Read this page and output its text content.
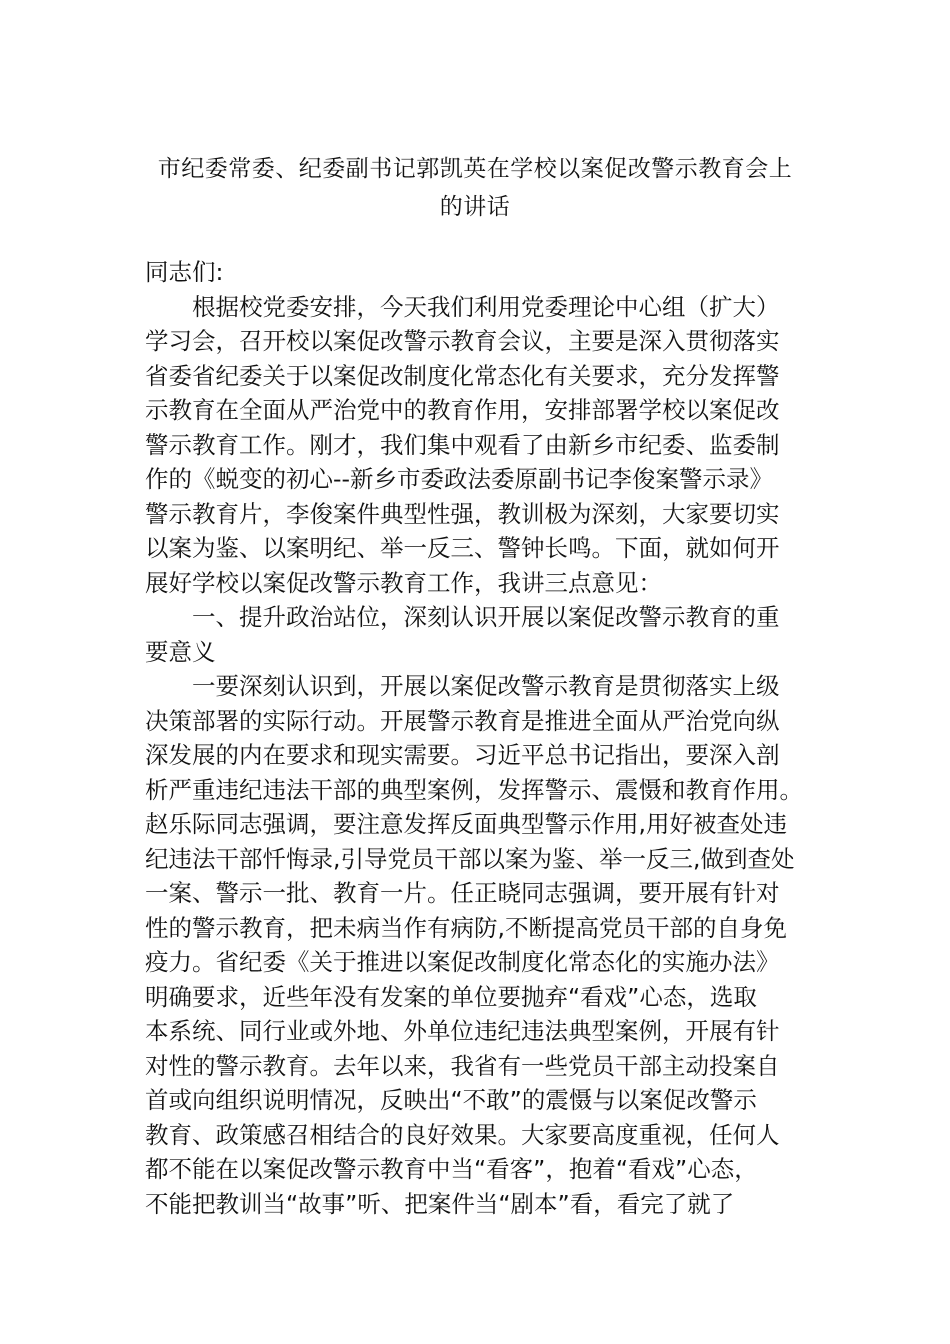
市纪委常委、纪委副书记郭凯英在学校以案促改警示教育会上
的讲话
同志们:
根据校党委安排，今天我们利用党委理论中心组（扩大）
学习会，召开校以案促改警示教育会议，主要是深入贯彻落实
省委省纪委关于以案促改制度化常态化有关要求，充分发挥警
示教育在全面从严治党中的教育作用，安排部署学校以案促改
警示教育工作。刚才，我们集中观看了由新乡市纪委、监委制
作的《蜕变的初心--新乡市委政法委原副书记李俊案警示录》
警示教育片，李俊案件典型性强，教训极为深刻，大家要切实
以案为鉴、以案明纪、举一反三、警钟长鸣。下面，就如何开
展好学校以案促改警示教育工作，我讲三点意见：
一、提升政治站位，深刻认识开展以案促改警示教育的重
要意义
一要深刻认识到，开展以案促改警示教育是贯彻落实上级
决策部署的实际行动。开展警示教育是推进全面从严治党向纵
深发展的内在要求和现实需要。习近平总书记指出，要深入剖
析严重违纪违法干部的典型案例，发挥警示、震慑和教育作用。
赵乐际同志强调，要注意发挥反面典型警示作用,用好被查处违
纪违法干部忏悔录,引导党员干部以案为鉴、举一反三,做到查处
一案、警示一批、教育一片。任正晓同志强调，要开展有针对
性的警示教育，把未病当作有病防,不断提高党员干部的自身免
疫力。省纪委《关于推进以案促改制度化常态化的实施办法》
明确要求，近些年没有发案的单位要抛弃“看戏”心态，选取
本系统、同行业或外地、外单位违纪违法典型案例，开展有针
对性的警示教育。去年以来，我省有一些党员干部主动投案自
首或向组织说明情况，反映出“不敢”的震慑与以案促改警示
教育、政策感召相结合的良好效果。大家要高度重视，任何人
都不能在以案促改警示教育中当“看客”，抱着“看戏”心态，
不能把教训当“故事”听、把案件当“剧本”看，看完了就了
